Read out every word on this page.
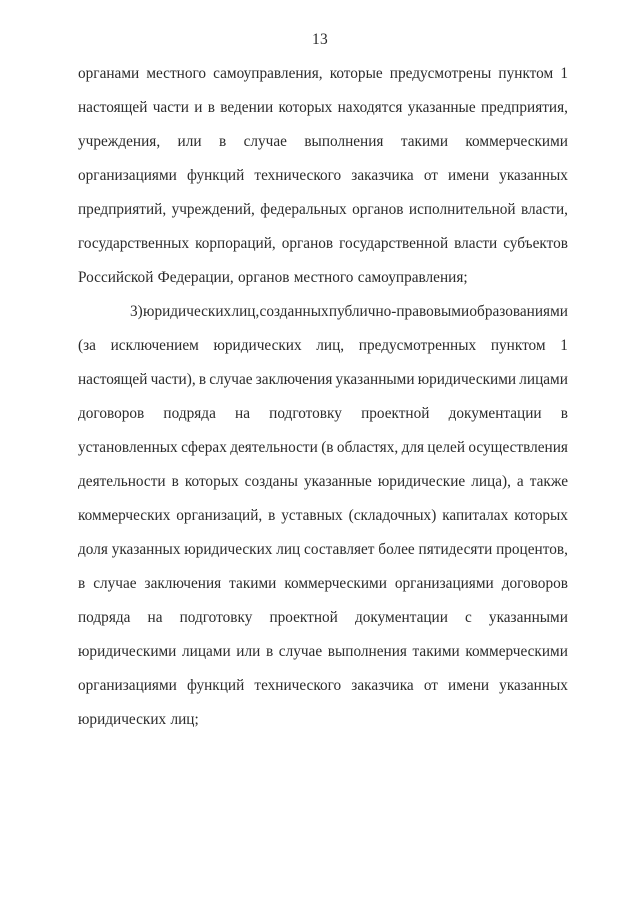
13
органами местного самоуправления, которые предусмотрены пунктом 1
настоящей части и в ведении которых находятся указанные предприятия,
учреждения, или в случае выполнения такими коммерческими
организациями функций технического заказчика от имени указанных
предприятий, учреждений, федеральных органов исполнительной власти,
государственных корпораций, органов государственной власти субъектов
Российской Федерации, органов местного самоуправления;
3) юридических лиц, созданных публично-правовыми образованиями
(за исключением юридических лиц, предусмотренных пунктом 1
настоящей части), в случае заключения указанными юридическими лицами
договоров подряда на подготовку проектной документации в
установленных сферах деятельности (в областях, для целей осуществления
деятельности в которых созданы указанные юридические лица), а также
коммерческих организаций, в уставных (складочных) капиталах которых
доля указанных юридических лиц составляет более пятидесяти процентов,
в случае заключения такими коммерческими организациями договоров
подряда на подготовку проектной документации с указанными
юридическими лицами или в случае выполнения такими коммерческими
организациями функций технического заказчика от имени указанных
юридических лиц;
